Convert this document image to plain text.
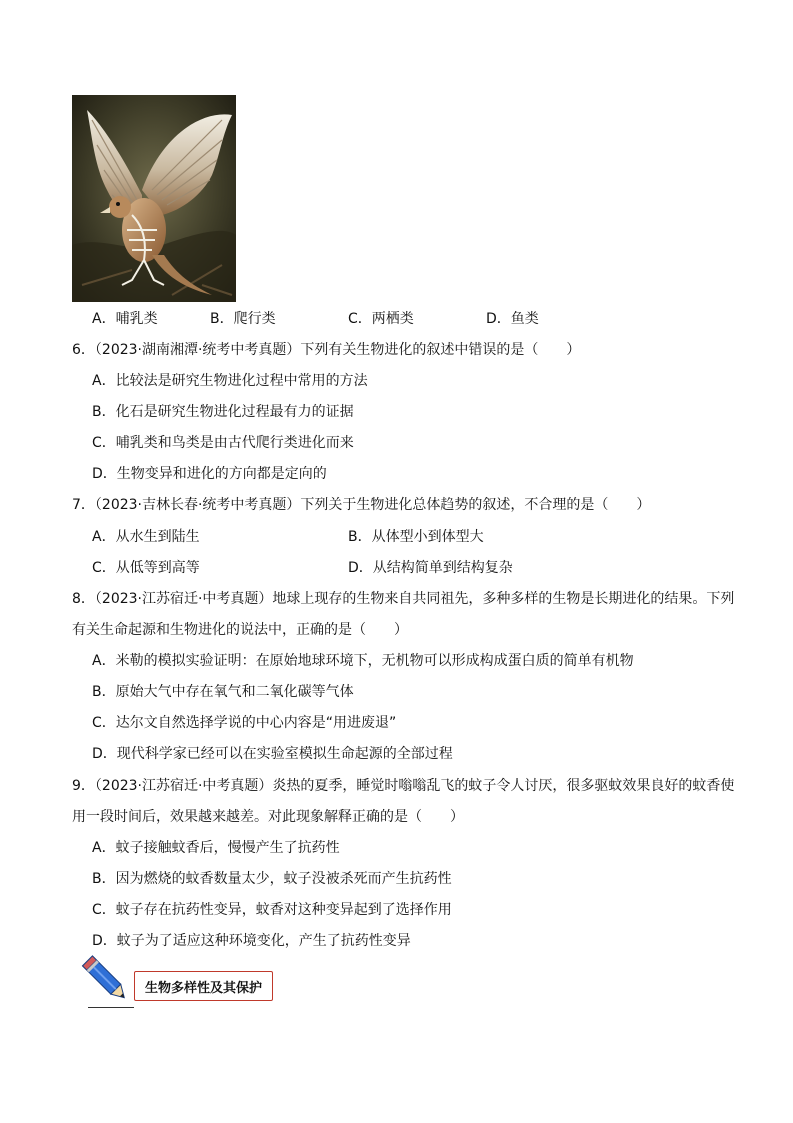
A．哺乳类	B．爬行类	C．两栖类	D．鱼类
6．（2023·湖南湘潭·统考中考真题）下列有关生物进化的叙述中错误的是（　　）
A．比较法是研究生物进化过程中常用的方法
B．化石是研究生物进化过程最有力的证据
C．哺乳类和鸟类是由古代爬行类进化而来
D．生物变异和进化的方向都是定向的
7．（2023·吉林长春·统考中考真题）下列关于生物进化总体趋势的叙述，不合理的是（　　）
A．从水生到陆生	B．从体型小到体型大
C．从低等到高等	D．从结构简单到结构复杂
8．（2023·江苏宿迁·中考真题）地球上现存的生物来自共同祖先，多种多样的生物是长期进化的结果。下列
有关生命起源和生物进化的说法中，正确的是（　　）
A．米勒的模拟实验证明：在原始地球环境下，无机物可以形成构成蛋白质的简单有机物
B．原始大气中存在氧气和二氧化碳等气体
C．达尔文自然选择学说的中心内容是“用进废退”
D．现代科学家已经可以在实验室模拟生命起源的全部过程
9．（2023·江苏宿迁·中考真题）炎热的夏季，睡觉时嗡嗡乱飞的蚊子令人讨厌，很多驱蚊效果良好的蚊香使
用一段时间后，效果越来越差。对此现象解释正确的是（　　）
A．蚊子接触蚊香后，慢慢产生了抗药性
B．因为燃烧的蚊香数量太少，蚊子没被杀死而产生抗药性
C．蚊子存在抗药性变异，蚊香对这种变异起到了选择作用
D．蚊子为了适应这种环境变化，产生了抗药性变异
生物多样性及其保护
